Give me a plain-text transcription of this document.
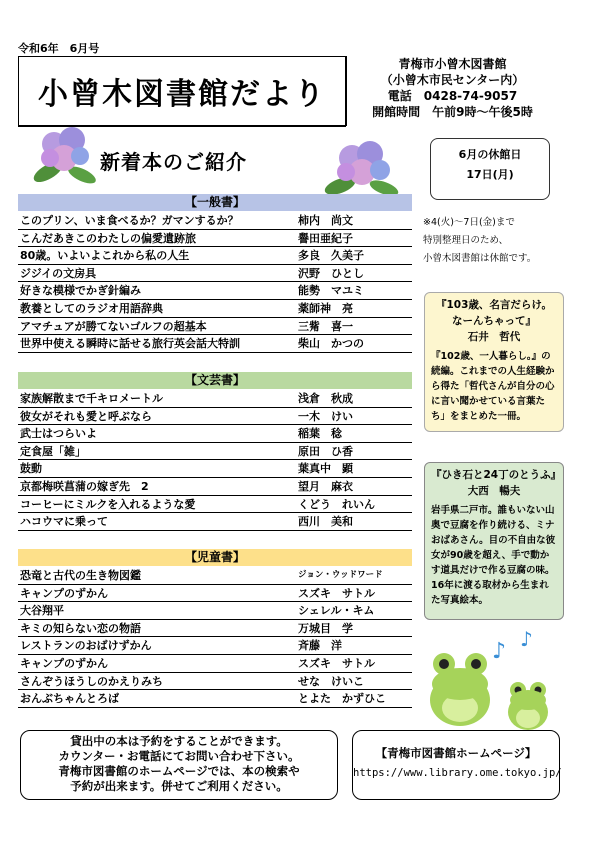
令和6年　6月号
小曾木図書館だより
青梅市小曾木図書館
（小曾木市民センター内）
電話　0428-74-9057
開館時間　午前9時～午後5時
新着本のご紹介	6月の休館日
17日(月)
※4(火)～7日(金)まで
特別整理日のため、
小曾木図書館は休館です。
【一般書】
このプリン、いま食べるか？ガマンするか？	柿内　尚文
こんだあきこのわたしの偏愛遺跡旅	譽田亜紀子
80歳。いよいよこれから私の人生	多良　久美子
ジジイの文房具	沢野　ひとし
好きな模様でかぎ針編み	能勢　マユミ
教養としてのラジオ用語辞典	薬師神　亮
アマチュアが勝てないゴルフの超基本	三觜　喜一
世界中使える瞬時に話せる旅行英会話大特訓	柴山　かつの
【文芸書】
家族解散まで千キロメートル	浅倉　秋成
彼女がそれも愛と呼ぶなら	一木　けい
武士はつらいよ	稲葉　稔
定食屋「雑」	原田　ひ香
鼓動	葉真中　顕
京都梅咲菖蒲の嫁ぎ先　2	望月　麻衣
コーヒーにミルクを入れるような愛	くどう　れいん
ハコウマに乗って	西川　美和
【児童書】
恐竜と古代の生き物図鑑	ジョン・ウッドワード
キャンプのずかん	スズキ　サトル
大谷翔平	シェレル・キム
キミの知らない恋の物語	万城目　学
レストランのおばけずかん	斉藤　洋
キャンプのずかん	スズキ　サトル
さんぞうほうしのかえりみち	せな　けいこ
おんぶちゃんとろば	とよた　かずひこ
『103歳、名言だらけ。なーんちゃって』
石井　哲代
『102歳、一人暮らし。』の続編。これまでの人生経験から得た「哲代さんが自分の心に言い聞かせている言葉たち」をまとめた一冊。
『ひき石と24丁のとうふ』
大西　暢夫
岩手県二戸市。誰もいない山奥で豆腐を作り続ける、ミナおばあさん。目の不自由な彼女が90歳を超え、手で動かす道具だけで作る豆腐の味。16年に渡る取材から生まれた写真絵本。
♪ ♪
貸出中の本は予約をすることができます。
カウンター・お電話にてお問い合わせ下さい。
青梅市図書館のホームページでは、本の検索や
予約が出来ます。併せてご利用ください。
【青梅市図書館ホームページ】
https://www.library.ome.tokyo.jp/
